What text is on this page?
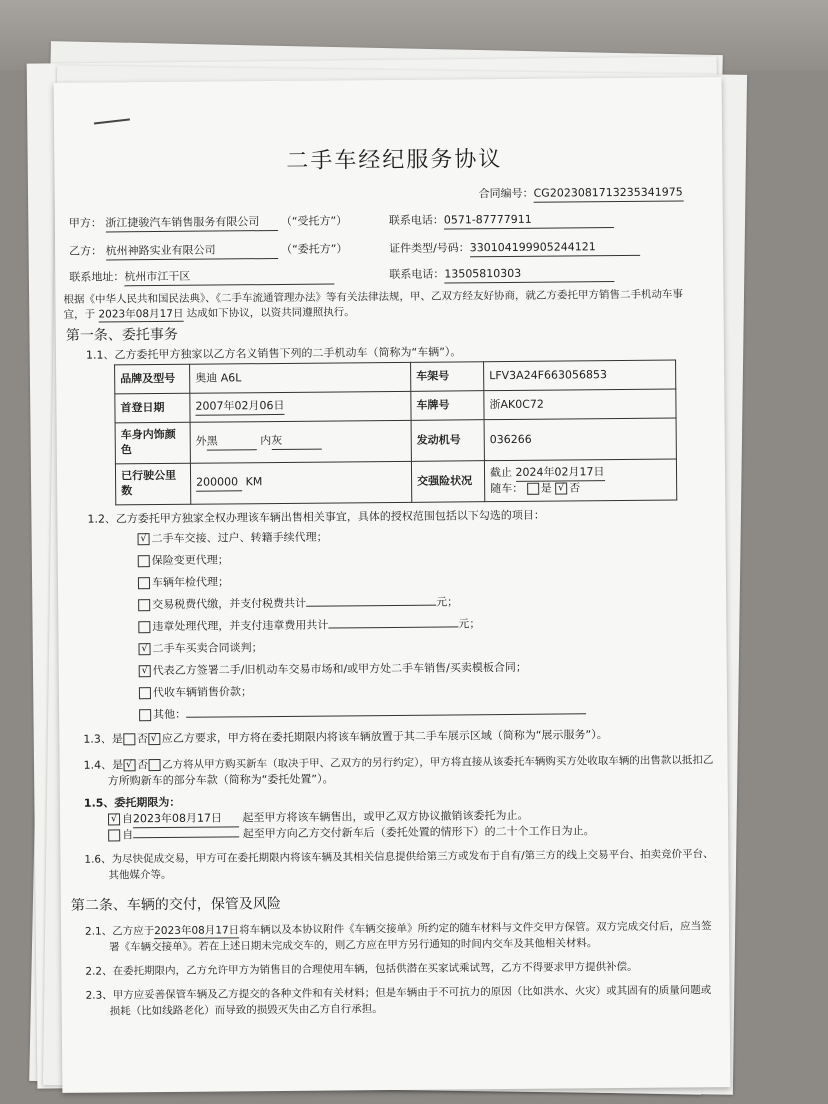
二手车经纪服务协议
合同编号：CG2023081713235341975
甲方： 浙江捷骏汽车销售服务有限公司 （“受托方”）	联系电话：0571-87777911
乙方： 杭州神路实业有限公司	（“委托方”）	证件类型/号码：330104199905244121
联系地址：杭州市江干区	联系电话：13505810303
根据《中华人民共和国民法典》、《二手车流通管理办法》等有关法律法规，甲、乙双方经友好协商，就乙方委托甲方销售二手机动车事
宜，于 2023年08月17日 达成如下协议，以资共同遵照执行。
第一条、委托事务
1.1、乙方委托甲方独家以乙方名义销售下列的二手机动车（简称为“车辆”）。
品牌及型号	奥迪 A6L	车架号	LFV3A24F663056853
首登日期	2007年02月06日	车牌号	浙AK0C72
车身内饰颜色	外黑 内灰	发动机号	036266
已行驶公里数	200000 KM	交强险状况	截止 2024年02月17日
随车： 是 √ 否
1.2、乙方委托甲方独家全权办理该车辆出售相关事宜，具体的授权范围包括以下勾选的项目：
√ 二手车交接、过户、转籍手续代理；
保险变更代理；
车辆年检代理；
交易税费代缴，并支付税费共计	元；
违章处理代理，并支付违章费用共计	元；
√ 二手车买卖合同谈判；
√ 代表乙方签署二手/旧机动车交易市场和/或甲方处二手车销售/买卖模板合同；
代收车辆销售价款；
其他：
1.3、是 否 √ 应乙方要求，甲方将在委托期限内将该车辆放置于其二手车展示区域（简称为“展示服务”）。
1.4、是 √ 否 乙方将从甲方购买新车（取决于甲、乙双方的另行约定），甲方将直接从该委托车辆购买方处收取车辆的出售款以抵扣乙
方所购新车的部分车款（简称为“委托处置”）。
1.5、委托期限为：
√ 自2023年08月17日 起至甲方将该车辆售出，或甲乙双方协议撤销该委托为止。
自	起至甲方向乙方交付新车后（委托处置的情形下）的二十个工作日为止。
1.6、为尽快促成交易，甲方可在委托期限内将该车辆及其相关信息提供给第三方或发布于自有/第三方的线上交易平台、拍卖竞价平台、
其他媒介等。
第二条、车辆的交付，保管及风险
2.1、乙方应于2023年08月17日将车辆以及本协议附件《车辆交接单》所约定的随车材料与文件交甲方保管。双方完成交付后，应当签
署《车辆交接单》。若在上述日期未完成交车的，则乙方应在甲方另行通知的时间内交车及其他相关材料。
2.2、在委托期限内，乙方允许甲方为销售目的合理使用车辆，包括供潜在买家试乘试驾，乙方不得要求甲方提供补偿。
2.3、甲方应妥善保管车辆及乙方提交的各种文件和有关材料；但是车辆由于不可抗力的原因（比如洪水、火灾）或其固有的质量问题或
损耗（比如线路老化）而导致的损毁灭失由乙方自行承担。
